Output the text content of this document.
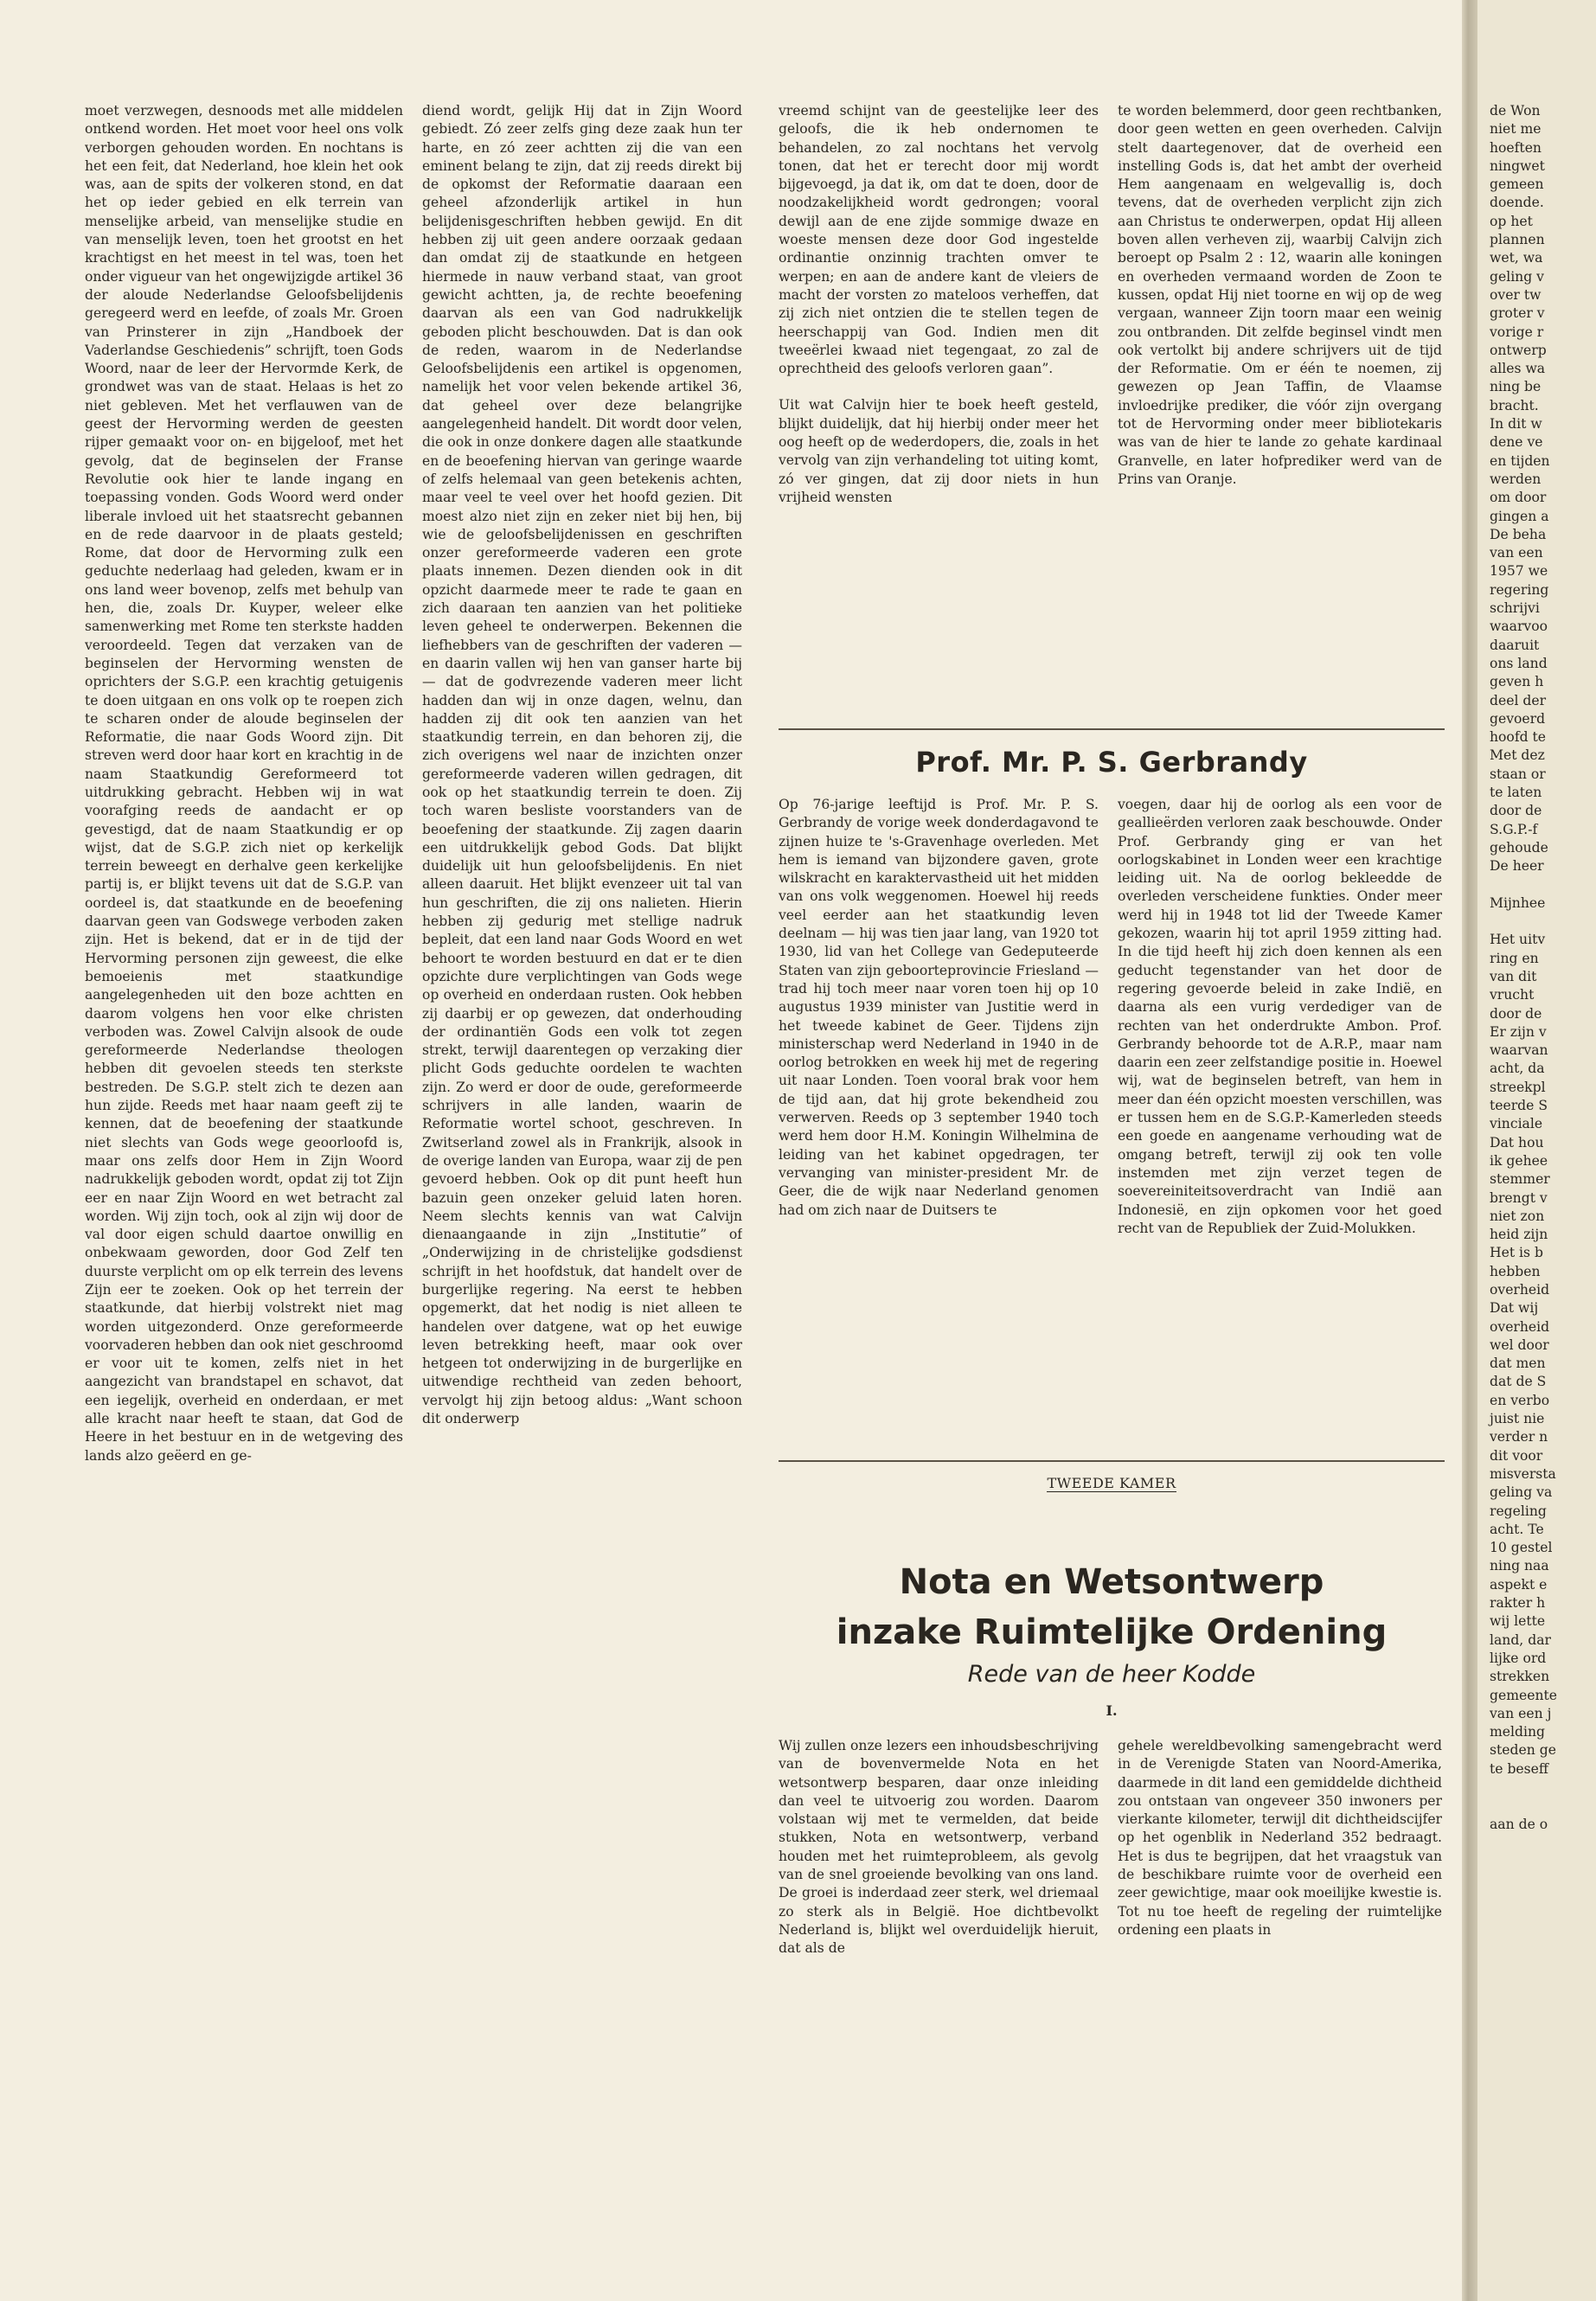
moet verzwegen, desnoods met alle middelen ontkend worden. Het moet voor heel ons volk verborgen gehouden worden. En nochtans is het een feit, dat Nederland, hoe klein het ook was, aan de spits der volkeren stond, en dat het op ieder gebied en elk terrein van menselijke arbeid, van menselijke studie en van menselijk leven, toen het grootst en het krachtigst en het meest in tel was, toen het onder vigueur van het ongewijzigde artikel 36 der aloude Nederlandse Geloofsbelijdenis geregeerd werd en leefde, of zoals Mr. Groen van Prinsterer in zijn „Handboek der Vaderlandse Geschiedenis” schrijft, toen Gods Woord, naar de leer der Hervormde Kerk, de grondwet was van de staat. Helaas is het zo niet gebleven. Met het verflauwen van de geest der Hervorming werden de geesten rijper gemaakt voor on- en bijgeloof, met het gevolg, dat de beginselen der Franse Revolutie ook hier te lande ingang en toepassing vonden. Gods Woord werd onder liberale invloed uit het staatsrecht gebannen en de rede daarvoor in de plaats gesteld; Rome, dat door de Hervorming zulk een geduchte nederlaag had geleden, kwam er in ons land weer bovenop, zelfs met behulp van hen, die, zoals Dr. Kuyper, weleer elke samenwerking met Rome ten sterkste hadden veroordeeld. Tegen dat verzaken van de beginselen der Hervorming wensten de oprichters der S.G.P. een krachtig getuigenis te doen uitgaan en ons volk op te roepen zich te scharen onder de aloude beginselen der Reformatie, die naar Gods Woord zijn. Dit streven werd door haar kort en krachtig in de naam Staatkundig Gereformeerd tot uitdrukking gebracht. Hebben wij in wat voorafging reeds de aandacht er op gevestigd, dat de naam Staatkundig er op wijst, dat de S.G.P. zich niet op kerkelijk terrein beweegt en derhalve geen kerkelijke partij is, er blijkt tevens uit dat de S.G.P. van oordeel is, dat staatkunde en de beoefening daarvan geen van Godswege verboden zaken zijn. Het is bekend, dat er in de tijd der Hervorming personen zijn geweest, die elke bemoeienis met staatkundige aangelegenheden uit den boze achtten en daarom volgens hen voor elke christen verboden was. Zowel Calvijn alsook de oude gereformeerde Nederlandse theologen hebben dit gevoelen steeds ten sterkste bestreden. De S.G.P. stelt zich te dezen aan hun zijde. Reeds met haar naam geeft zij te kennen, dat de beoefening der staatkunde niet slechts van Gods wege geoorloofd is, maar ons zelfs door Hem in Zijn Woord nadrukkelijk geboden wordt, opdat zij tot Zijn eer en naar Zijn Woord en wet betracht zal worden. Wij zijn toch, ook al zijn wij door de val door eigen schuld daartoe onwillig en onbekwaam geworden, door God Zelf ten duurste verplicht om op elk terrein des levens Zijn eer te zoeken. Ook op het terrein der staatkunde, dat hierbij volstrekt niet mag worden uitgezonderd. Onze gereformeerde voorvaderen hebben dan ook niet geschroomd er voor uit te komen, zelfs niet in het aangezicht van brandstapel en schavot, dat een iegelijk, overheid en onderdaan, er met alle kracht naar heeft te staan, dat God de Heere in het bestuur en in de wetgeving des lands alzo geëerd en ge-

diend wordt, gelijk Hij dat in Zijn Woord gebiedt. Zó zeer zelfs ging deze zaak hun ter harte, en zó zeer achtten zij die van een eminent belang te zijn, dat zij reeds direkt bij de opkomst der Reformatie daaraan een geheel afzonderlijk artikel in hun belijdenisgeschriften hebben gewijd. En dit hebben zij uit geen andere oorzaak gedaan dan omdat zij de staatkunde en hetgeen hiermede in nauw verband staat, van groot gewicht achtten, ja, de rechte beoefening daarvan als een van God nadrukkelijk geboden plicht beschouwden. Dat is dan ook de reden, waarom in de Nederlandse Geloofsbelijdenis een artikel is opgenomen, namelijk het voor velen bekende artikel 36, dat geheel over deze belangrijke aangelegenheid handelt. Dit wordt door velen, die ook in onze donkere dagen alle staatkunde en de beoefening hiervan van geringe waarde of zelfs helemaal van geen betekenis achten, maar veel te veel over het hoofd gezien. Dit moest alzo niet zijn en zeker niet bij hen, bij wie de geloofsbelijdenissen en geschriften onzer gereformeerde vaderen een grote plaats innemen. Dezen dienden ook in dit opzicht daarmede meer te rade te gaan en zich daaraan ten aanzien van het politieke leven geheel te onderwerpen. Bekennen die liefhebbers van de geschriften der vaderen — en daarin vallen wij hen van ganser harte bij — dat de godvrezende vaderen meer licht hadden dan wij in onze dagen, welnu, dan hadden zij dit ook ten aanzien van het staatkundig terrein, en dan behoren zij, die zich overigens wel naar de inzichten onzer gereformeerde vaderen willen gedragen, dit ook op het staatkundig terrein te doen. Zij toch waren besliste voorstanders van de beoefening der staatkunde. Zij zagen daarin een uitdrukkelijk gebod Gods. Dat blijkt duidelijk uit hun geloofsbelijdenis. En niet alleen daaruit. Het blijkt evenzeer uit tal van hun geschriften, die zij ons nalieten. Hierin hebben zij gedurig met stellige nadruk bepleit, dat een land naar Gods Woord en wet behoort te worden bestuurd en dat er te dien opzichte dure verplichtingen van Gods wege op overheid en onderdaan rusten. Ook hebben zij daarbij er op gewezen, dat onderhouding der ordinantiën Gods een volk tot zegen strekt, terwijl daarentegen op verzaking dier plicht Gods geduchte oordelen te wachten zijn. Zo werd er door de oude, gereformeerde schrijvers in alle landen, waarin de Reformatie wortel schoot, geschreven. In Zwitserland zowel als in Frankrijk, alsook in de overige landen van Europa, waar zij de pen gevoerd hebben. Ook op dit punt heeft hun bazuin geen onzeker geluid laten horen. Neem slechts kennis van wat Calvijn dienaangaande in zijn „Institutie” of „Onderwijzing in de christelijke godsdienst schrijft in het hoofdstuk, dat handelt over de burgerlijke regering. Na eerst te hebben opgemerkt, dat het nodig is niet alleen te handelen over datgene, wat op het euwige leven betrekking heeft, maar ook over hetgeen tot onderwijzing in de burgerlijke en uitwendige rechtheid van zeden behoort, vervolgt hij zijn betoog aldus: „Want schoon dit onderwerp

vreemd schijnt van de geestelijke leer des geloofs, die ik heb ondernomen te behandelen, zo zal nochtans het vervolg tonen, dat het er terecht door mij wordt bijgevoegd, ja dat ik, om dat te doen, door de noodzakelijkheid wordt gedrongen; vooral dewijl aan de ene zijde sommige dwaze en woeste mensen deze door God ingestelde ordinantie onzinnig trachten omver te werpen; en aan de andere kant de vleiers de macht der vorsten zo mateloos verheffen, dat zij zich niet ontzien die te stellen tegen de heerschappij van God. Indien men dit tweeërlei kwaad niet tegengaat, zo zal de oprechtheid des geloofs verloren gaan”.

Uit wat Calvijn hier te boek heeft gesteld, blijkt duidelijk, dat hij hierbij onder meer het oog heeft op de wederdopers, die, zoals in het vervolg van zijn verhandeling tot uiting komt, zó ver gingen, dat zij door niets in hun vrijheid wensten

te worden belemmerd, door geen rechtbanken, door geen wetten en geen overheden. Calvijn stelt daartegenover, dat de overheid een instelling Gods is, dat het ambt der overheid Hem aangenaam en welgevallig is, doch tevens, dat de overheden verplicht zijn zich aan Christus te onderwerpen, opdat Hij alleen boven allen verheven zij, waarbij Calvijn zich beroept op Psalm 2 : 12, waarin alle koningen en overheden vermaand worden de Zoon te kussen, opdat Hij niet toorne en wij op de weg vergaan, wanneer Zijn toorn maar een weinig zou ontbranden. Dit zelfde beginsel vindt men ook vertolkt bij andere schrijvers uit de tijd der Reformatie. Om er één te noemen, zij gewezen op Jean Taffin, de Vlaamse invloedrijke prediker, die vóór zijn overgang tot de Hervorming onder meer bibliotekaris was van de hier te lande zo gehate kardinaal Granvelle, en later hofprediker werd van de Prins van Oranje.

Prof. Mr. P. S. Gerbrandy

Op 76-jarige leeftijd is Prof. Mr. P. S. Gerbrandy de vorige week donderdagavond te zijnen huize te 's-Gravenhage overleden. Met hem is iemand van bijzondere gaven, grote wilskracht en karaktervastheid uit het midden van ons volk weggenomen. Hoewel hij reeds veel eerder aan het staatkundig leven deelnam — hij was tien jaar lang, van 1920 tot 1930, lid van het College van Gedeputeerde Staten van zijn geboorteprovincie Friesland — trad hij toch meer naar voren toen hij op 10 augustus 1939 minister van Justitie werd in het tweede kabinet de Geer. Tijdens zijn ministerschap werd Nederland in 1940 in de oorlog betrokken en week hij met de regering uit naar Londen. Toen vooral brak voor hem de tijd aan, dat hij grote bekendheid zou verwerven. Reeds op 3 september 1940 toch werd hem door H.M. Koningin Wilhelmina de leiding van het kabinet opgedragen, ter vervanging van minister-president Mr. de Geer, die de wijk naar Nederland genomen had om zich naar de Duitsers te

voegen, daar hij de oorlog als een voor de geallieërden verloren zaak beschouwde. Onder Prof. Gerbrandy ging er van het oorlogskabinet in Londen weer een krachtige leiding uit. Na de oorlog bekleedde de overleden verscheidene funkties. Onder meer werd hij in 1948 tot lid der Tweede Kamer gekozen, waarin hij tot april 1959 zitting had. In die tijd heeft hij zich doen kennen als een geducht tegenstander van het door de regering gevoerde beleid in zake Indië, en daarna als een vurig verdediger van de rechten van het onderdrukte Ambon. Prof. Gerbrandy behoorde tot de A.R.P., maar nam daarin een zeer zelfstandige positie in. Hoewel wij, wat de beginselen betreft, van hem in meer dan één opzicht moesten verschillen, was er tussen hem en de S.G.P.-Kamerleden steeds een goede en aangename verhouding wat de omgang betreft, terwijl zij ook ten volle instemden met zijn verzet tegen de soevereiniteitsoverdracht van Indië aan Indonesië, en zijn opkomen voor het goed recht van de Republiek der Zuid-Molukken.

TWEEDE KAMER
Nota en Wetsontwerp
inzake Ruimtelijke Ordening
Rede van de heer Kodde
I.

Wij zullen onze lezers een inhoudsbeschrijving van de bovenvermelde Nota en het wetsontwerp besparen, daar onze inleiding dan veel te uitvoerig zou worden. Daarom volstaan wij met te vermelden, dat beide stukken, Nota en wetsontwerp, verband houden met het ruimteprobleem, als gevolg van de snel groeiende bevolking van ons land. De groei is inderdaad zeer sterk, wel driemaal zo sterk als in België. Hoe dichtbevolkt Nederland is, blijkt wel overduidelijk hieruit, dat als de

gehele wereldbevolking samengebracht werd in de Verenigde Staten van Noord-Amerika, daarmede in dit land een gemiddelde dichtheid zou ontstaan van ongeveer 350 inwoners per vierkante kilometer, terwijl dit dichtheidscijfer op het ogenblik in Nederland 352 bedraagt. Het is dus te begrijpen, dat het vraagstuk van de beschikbare ruimte voor de overheid een zeer gewichtige, maar ook moeilijke kwestie is. Tot nu toe heeft de regeling der ruimtelijke ordening een plaats in

de Won
niet me
hoeften
ningwet
gemeen
doende.
op het
plannen
wet, wa
geling v
over tw
groter v
vorige r
ontwerp
alles wa
ning be
bracht.
In dit w
dene ve
en tijden
werden
om door
gingen a
De beha
van een
1957 we
regering
schrijvi
waarvoo
daaruit
ons land
geven h
deel der
gevoerd
hoofd te
Met dez
staan or
te laten
door de
S.G.P.-f
gehoude
De heer

Mijnhee

Het uitv
ring en
van dit
vrucht
door de
Er zijn v
waarvan
acht, da
streekpl
teerde S
vinciale
Dat hou
ik gehee
stemmer
brengt v
niet zon
heid zijn
Het is b
hebben
overheid
Dat wij
overheid
wel door
dat men
dat de S
en verbo
juist nie
verder n
dit voor
misversta
geling va
regeling
acht. Te
10 gestel
ning naa
aspekt e
rakter h
wij lette
land, dar
lijke ord
strekken
gemeente
van een j
melding
steden ge
te beseff

aan de o
